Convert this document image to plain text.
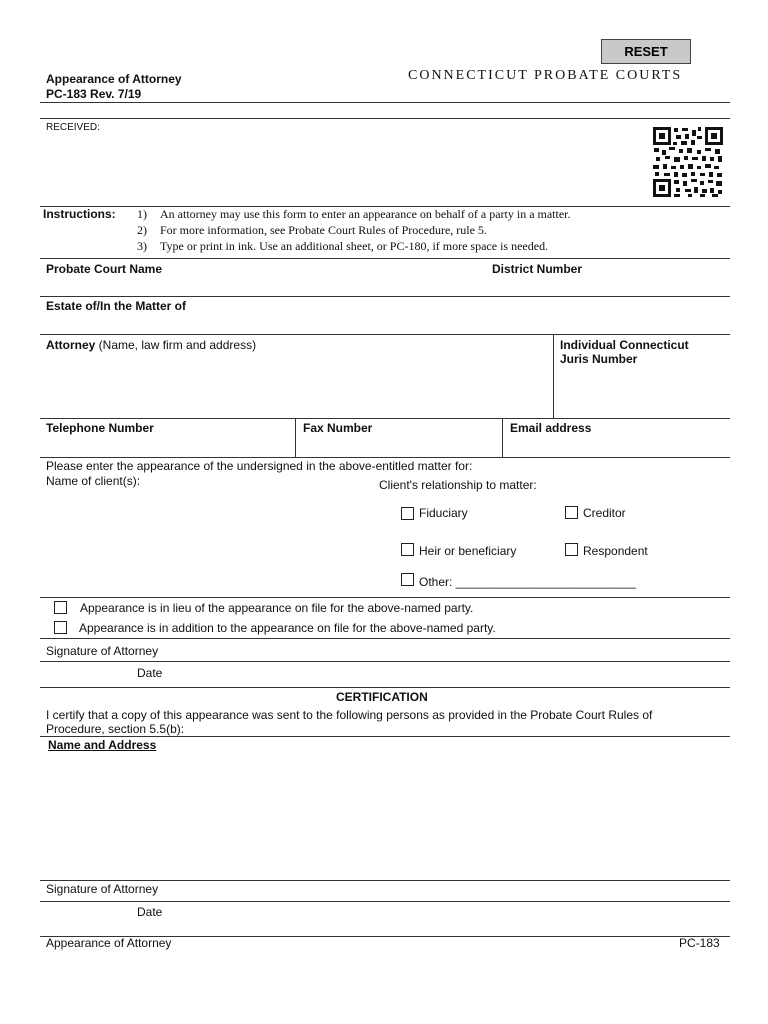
RESET
Appearance of Attorney
PC-183 Rev. 7/19
CONNECTICUT PROBATE COURTS
RECEIVED:
Instructions: 1) An attorney may use this form to enter an appearance on behalf of a party in a matter.
2) For more information, see Probate Court Rules of Procedure, rule 5.
3) Type or print in ink. Use an additional sheet, or PC-180, if more space is needed.
Probate Court Name	District Number
Estate of/In the Matter of
Attorney (Name, law firm and address)	Individual Connecticut
Juris Number
Telephone Number	Fax Number	Email address
Please enter the appearance of the undersigned in the above-entitled matter for:
Name of client(s):	Client's relationship to matter:
Fiduciary	Creditor
Heir or beneficiary	Respondent
Other: ___________________________
Appearance is in lieu of the appearance on file for the above-named party.
Appearance is in addition to the appearance on file for the above-named party.
Signature of Attorney
Date
CERTIFICATION
I certify that a copy of this appearance was sent to the following persons as provided in the Probate Court Rules of
Procedure, section 5.5(b):
Name and Address
Signature of Attorney
Date
Appearance of Attorney	PC-183
